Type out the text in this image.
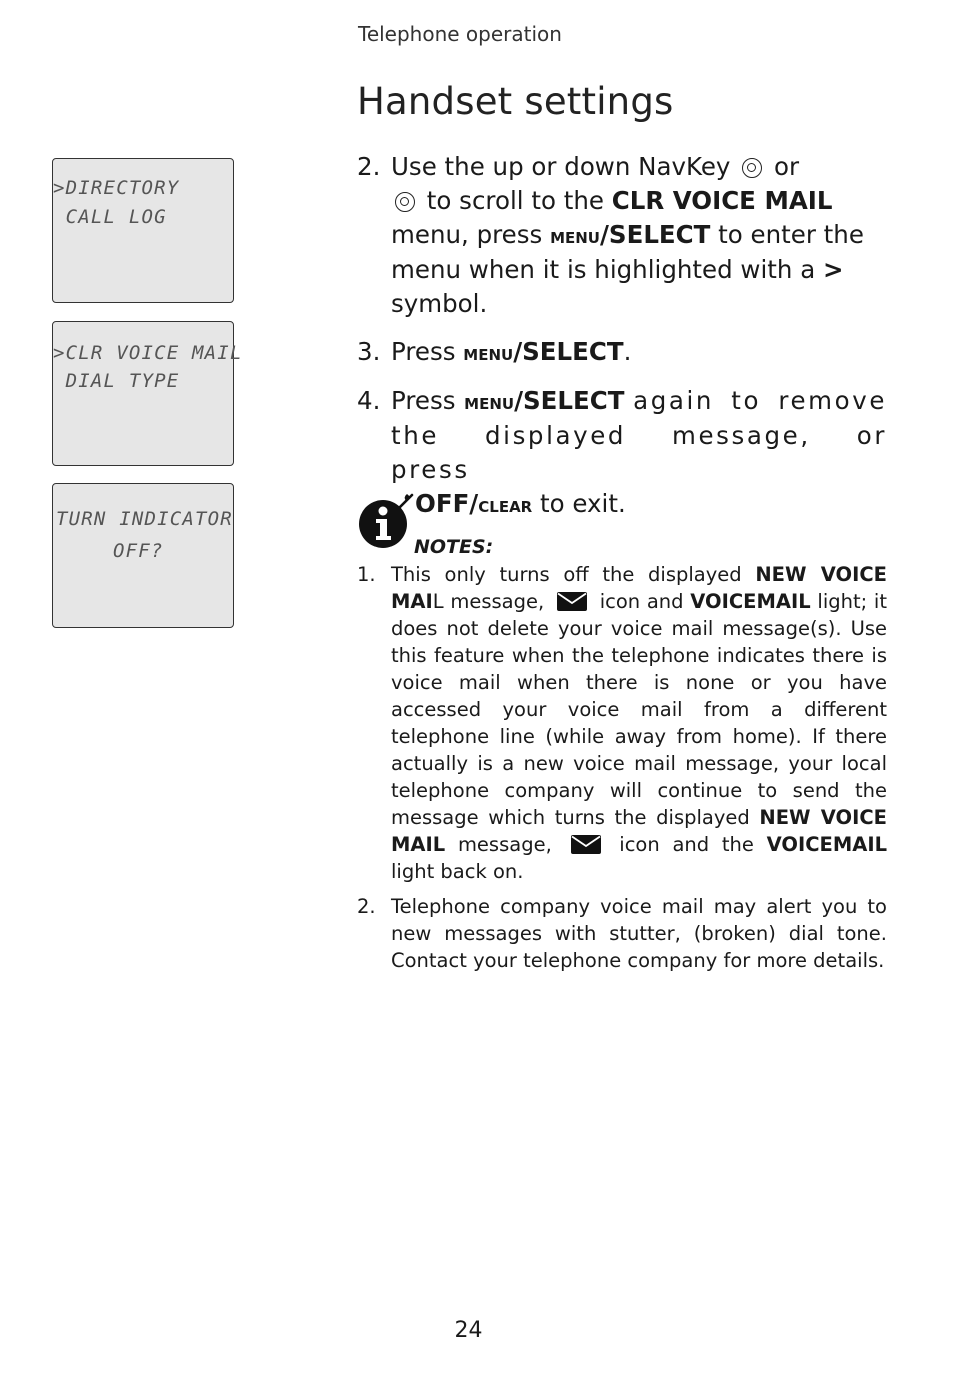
Telephone operation
Handset settings
>DIRECTORY
CALL LOG
>CLR VOICE MAIL
DIAL TYPE
TURN INDICATOR
OFF?
2. Use the up or down NavKey or
to scroll to the CLR VOICE MAIL menu, press menu/SELECT to enter the menu when it is highlighted with a > symbol.
3. Press menu/SELECT.
4. Press menu/SELECT again to remove the displayed message, or press
OFF/clear to exit.
NOTES:
1. This only turns off the displayed NEW VOICE MAIL message,	icon and VOICEMAIL light; it does not delete your voice mail message(s). Use this feature when the telephone indicates there is voice mail when there is none or you have accessed your voice mail from a different telephone line (while away from home). If there actually is a new voice mail message, your local telephone company will continue to send the message which turns the displayed NEW VOICE MAIL message,	icon and the VOICEMAIL light back on.
2. Telephone company voice mail may alert you to new messages with stutter, (broken) dial tone. Contact your telephone company for more details.
24
